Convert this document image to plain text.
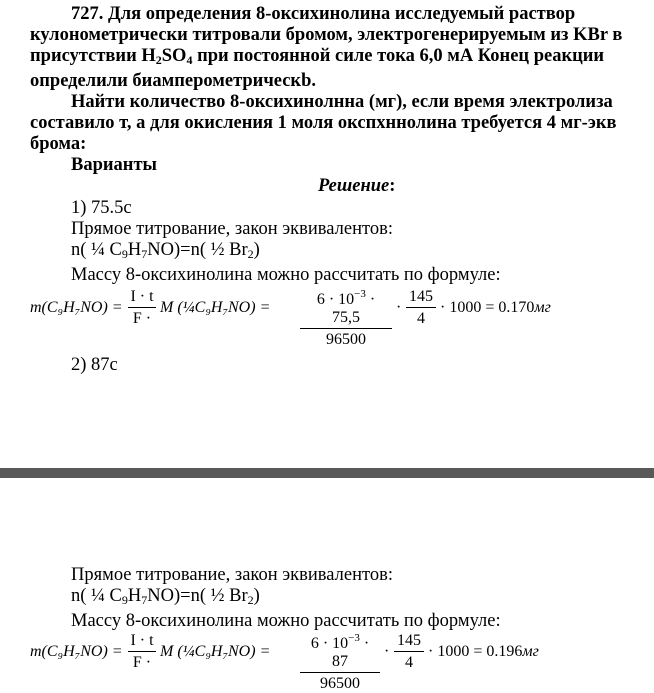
727. Для определения 8-оксихинолина исследуемый раствор
кулонометрически титровали бромом, электрогенерируемым из KBr в
присутствии $H_2SO_4$ при постоянной силе тока 6,0 мА Конец реакции
определили биамперометрическb.
Найти количество 8-оксихинолнна (мг), если время электролиза
составило т, а для окисления 1 моля окспхннолина требуется 4 мг-экв
брома:
Варианты
Решение:
1) 75.5c
Прямое титрование, закон эквивалентов:
n( ¼ $C_9H_7NO)=n$( ½ $Br_2$)
Массу 8-оксихинолина можно рассчитать по формуле:
$m(C_9H_7NO) = \frac{I \cdot t}{F \cdot}$ M (¼C₉H₇NO) = $\frac{6 \cdot 10^{-3} \cdot 75,5}{96500} \cdot \frac{145}{4} \cdot 1000 = 0.170мг$
2) 87c
Прямое титрование, закон эквивалентов:
n( ¼ $C_9H_7NO)=n$( ½ $Br_2$)
Массу 8-оксихинолина можно рассчитать по формуле:
$m(C_9H_7NO) = \frac{I \cdot t}{F \cdot}$ M (¼C₉H₇NO) = $\frac{6 \cdot 10^{-3} \cdot 87}{96500} \cdot \frac{145}{4} \cdot 1000 = 0.196мг$
